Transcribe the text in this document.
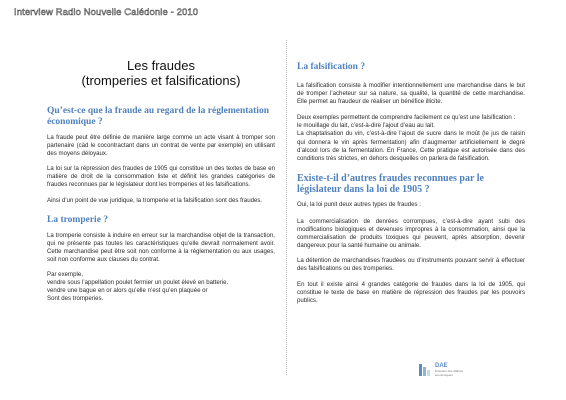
Interview Radio Nouvelle Calédonie - 2010
Les fraudes
(tromperies et falsifications)
Qu’est-ce que la fraude au regard de la réglementation économique ?

La fraude peut être définie de manière large comme un acte visant à tromper son partenaire (càd le cocontractant dans un contrat de vente par exemple) en utilisant des moyens déloyaux.

La loi sur la répression des fraudes de 1905 qui constitue un des textes de base en matière de droit de la consommation liste et définit les grandes catégories de fraudes reconnues par le législateur dont les tromperies et les falsifications.

Ainsi d’un point de vue juridique, la tromperie et la falsification sont des fraudes.

La tromperie ?

La tromperie consiste à induire en erreur sur la marchandise objet de la transaction, qui ne présente pas toutes les caractéristiques qu’elle devrait normalement avoir. Cette marchandise peut être soit non conforme à la réglementation ou aux usages, soit non conforme aux clauses du contrat.

Par exemple,

vendre sous l’appellation poulet fermier un poulet élevé en batterie.

vendre une bague en or alors qu’elle n’est qu’en plaquée or

Sont des tromperies.

La falsification ?

La falsification consiste à modifier intentionnellement une marchandise dans le but de tromper l’acheteur sur sa nature, sa qualité, la quantité de cette marchandise. Elle permet au fraudeur de réaliser un bénéfice illicite.

Deux exemples permettent de comprendre facilement ce qu’est une falsification :

le mouillage du lait, c’est-à-dire l’ajout d’eau au lait.

La chaptalisation du vin, c’est-à-dire l’ajout de sucre dans le moût (le jus de raisin qui donnera le vin après fermentation) afin d’augmenter artificiellement le degré d’alcool lors de la fermentation. En France, Cette pratique est autorisée dans des conditions très strictes, en dehors desquelles on parlera de falsification.

Existe-t-il d’autres fraudes reconnues par le législateur dans la loi de 1905 ?

Oui, la loi punit deux autres types de fraudes :

La commercialisation de denrées corrompues, c’est-à-dire ayant subi des modifications biologiques et devenues impropres à la consommation, ainsi que la commercialisation de produits toxiques qui peuvent, après absorption, devenir dangereux pour la santé humaine ou animale.

La détention de marchandises fraudées ou d’instruments pouvant servir à effectuer des falsifications ou des tromperies.

En tout il existe ainsi 4 grandes catégorie de fraudes dans la loi de 1905, qui constitue le texte de base en matière de répression des fraudes par les pouvoirs publics.

DAE
Direction des affaires économiques
